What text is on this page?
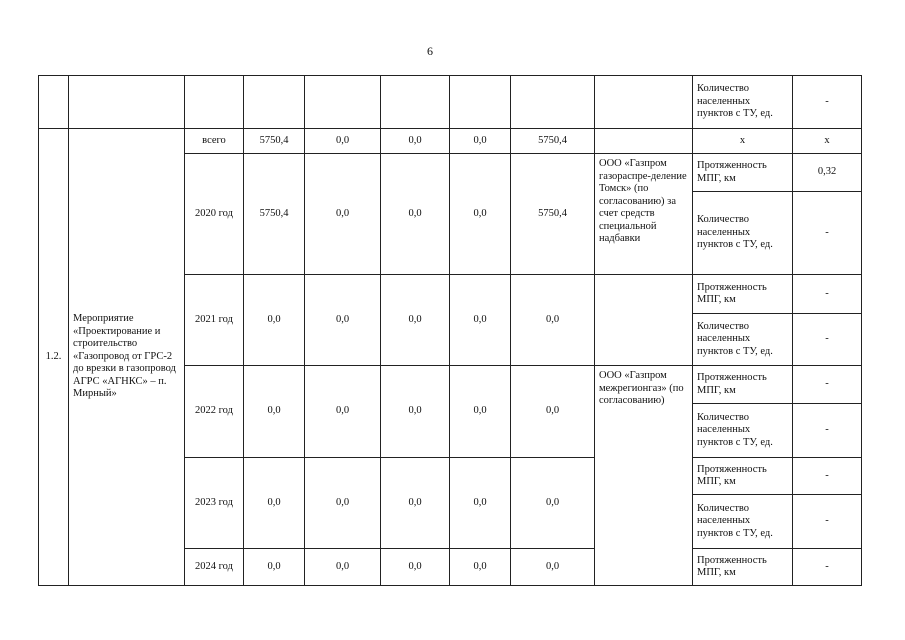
6
									Количество населенных пунктов с ТУ, ед.	-
1.2.	Мероприятие «Проектирование и строительство «Газопровод от ГРС-2 до врезки в газопровод АГРС «АГНКС» – п. Мирный»	всего	5750,4	0,0	0,0	0,0	5750,4		х	х
		2020 год	5750,4	0,0	0,0	0,0	5750,4	ООО «Газпром газораспре-деление Томск» (по согласованию) за счет средств специальной надбавки	Протяженность МПГ, км	0,32
									Количество населенных пунктов с ТУ, ед.	-
		2021 год	0,0	0,0	0,0	0,0	0,0		Протяженность МПГ, км	-
									Количество населенных пунктов с ТУ, ед.	-
		2022 год	0,0	0,0	0,0	0,0	0,0	ООО «Газпром межрегионгаз» (по согласованию)	Протяженность МПГ, км	-
									Количество населенных пунктов с ТУ, ед.	-
		2023 год	0,0	0,0	0,0	0,0	0,0		Протяженность МПГ, км	-
									Количество населенных пунктов с ТУ, ед.	-
		2024 год	0,0	0,0	0,0	0,0	0,0		Протяженность МПГ, км	-
